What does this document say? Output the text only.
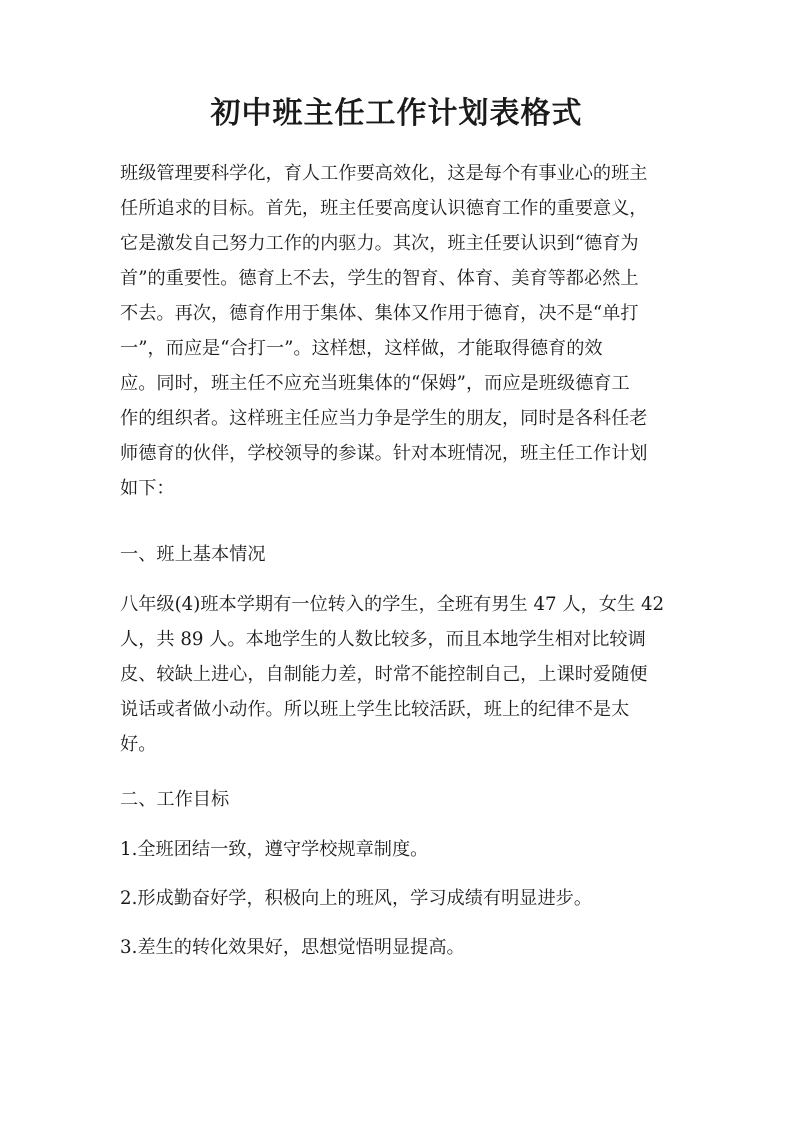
初中班主任工作计划表格式
班级管理要科学化，育人工作要高效化，这是每个有事业心的班主
任所追求的目标。首先，班主任要高度认识德育工作的重要意义，
它是激发自己努力工作的内驱力。其次，班主任要认识到“德育为
首”的重要性。德育上不去，学生的智育、体育、美育等都必然上
不去。再次，德育作用于集体、集体又作用于德育，决不是“单打
一”，而应是“合打一”。这样想，这样做，才能取得德育的效
应。同时，班主任不应充当班集体的“保姆”，而应是班级德育工
作的组织者。这样班主任应当力争是学生的朋友，同时是各科任老
师德育的伙伴，学校领导的参谋。针对本班情况，班主任工作计划
如下：
一、班上基本情况
八年级(4)班本学期有一位转入的学生，全班有男生 47 人，女生 42
人，共 89 人。本地学生的人数比较多，而且本地学生相对比较调
皮、较缺上进心，自制能力差，时常不能控制自己，上课时爱随便
说话或者做小动作。所以班上学生比较活跃，班上的纪律不是太
好。
二、工作目标
1.全班团结一致，遵守学校规章制度。
2.形成勤奋好学，积极向上的班风，学习成绩有明显进步。
3.差生的转化效果好，思想觉悟明显提高。
